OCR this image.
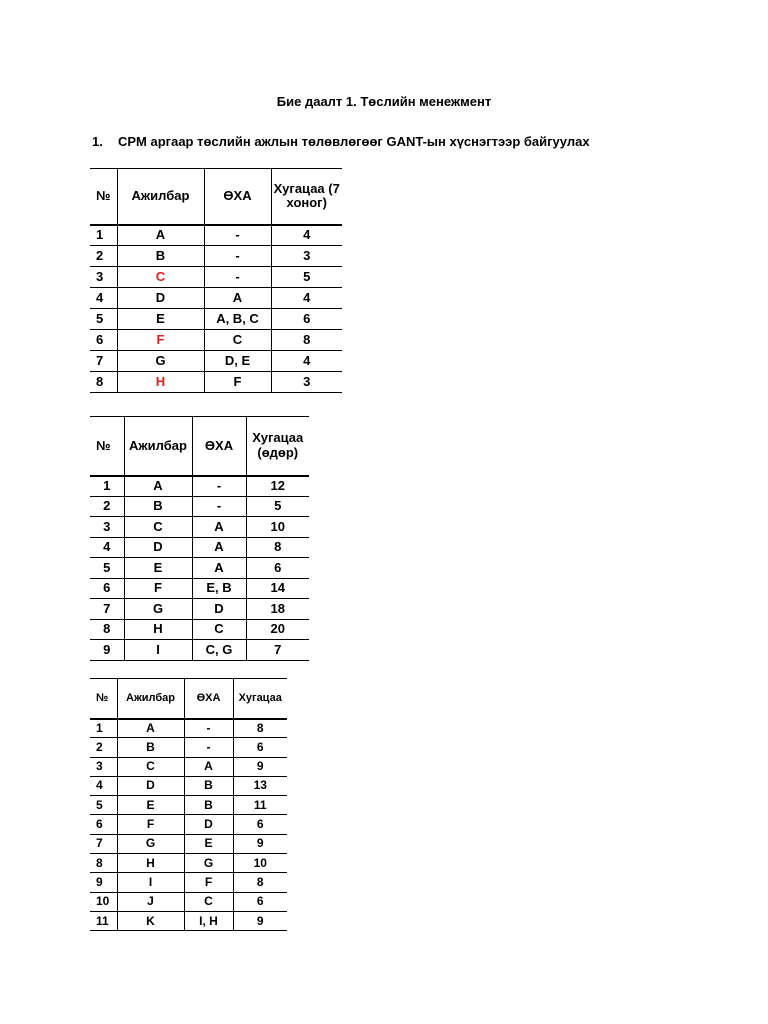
Бие даалт 1. Төслийн менежмент
1. CPM аргаар төслийн ажлын төлөвлөгөөг GANT-ын хүснэгтээр байгуулах
№	Ажилбар	ӨХА	Хугацаа (7 хоног)
1	A	-	4
2	B	-	3
3	C	-	5
4	D	A	4
5	E	A, B, C	6
6	F	C	8
7	G	D, E	4
8	H	F	3
№	Ажилбар	ӨХА	Хугацаа (өдөр)
1	A	-	12
2	B	-	5
3	C	A	10
4	D	A	8
5	E	A	6
6	F	E, B	14
7	G	D	18
8	H	C	20
9	I	C, G	7
№	Ажилбар	ӨХА	Хугацаа
1	A	-	8
2	B	-	6
3	C	A	9
4	D	B	13
5	E	B	11
6	F	D	6
7	G	E	9
8	H	G	10
9	I	F	8
10	J	C	6
11	K	I, H	9
